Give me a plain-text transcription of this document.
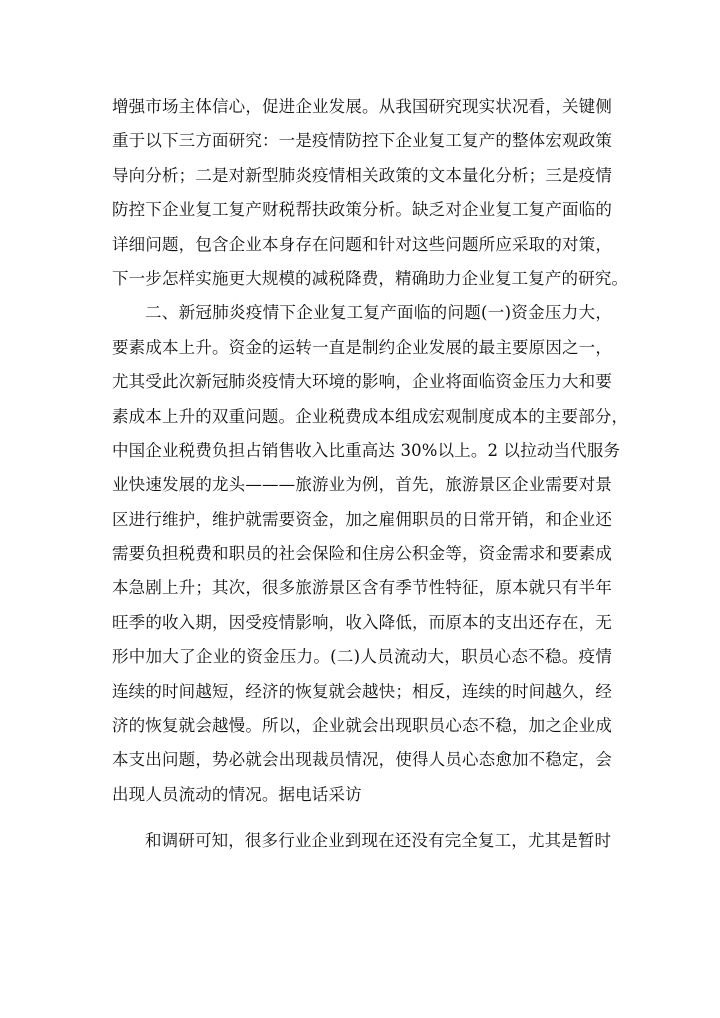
增强市场主体信心，促进企业发展。从我国研究现实状况看，关键侧
重于以下三方面研究：一是疫情防控下企业复工复产的整体宏观政策
导向分析；二是对新型肺炎疫情相关政策的文本量化分析；三是疫情
防控下企业复工复产财税帮扶政策分析。缺乏对企业复工复产面临的
详细问题，包含企业本身存在问题和针对这些问题所应采取的对策，
下一步怎样实施更大规模的减税降费，精确助力企业复工复产的研究。
二、新冠肺炎疫情下企业复工复产面临的问题(一)资金压力大，
要素成本上升。资金的运转一直是制约企业发展的最主要原因之一，
尤其受此次新冠肺炎疫情大环境的影响，企业将面临资金压力大和要
素成本上升的双重问题。企业税费成本组成宏观制度成本的主要部分，
中国企业税费负担占销售收入比重高达 30%以上。2 以拉动当代服务
业快速发展的龙头———旅游业为例，首先，旅游景区企业需要对景
区进行维护，维护就需要资金，加之雇佣职员的日常开销，和企业还
需要负担税费和职员的社会保险和住房公积金等，资金需求和要素成
本急剧上升；其次，很多旅游景区含有季节性特征，原本就只有半年
旺季的收入期，因受疫情影响，收入降低，而原本的支出还存在，无
形中加大了企业的资金压力。(二)人员流动大，职员心态不稳。疫情
连续的时间越短，经济的恢复就会越快；相反，连续的时间越久，经
济的恢复就会越慢。所以，企业就会出现职员心态不稳，加之企业成
本支出问题，势必就会出现裁员情况，使得人员心态愈加不稳定，会
出现人员流动的情况。据电话采访
和调研可知，很多行业企业到现在还没有完全复工，尤其是暂时
